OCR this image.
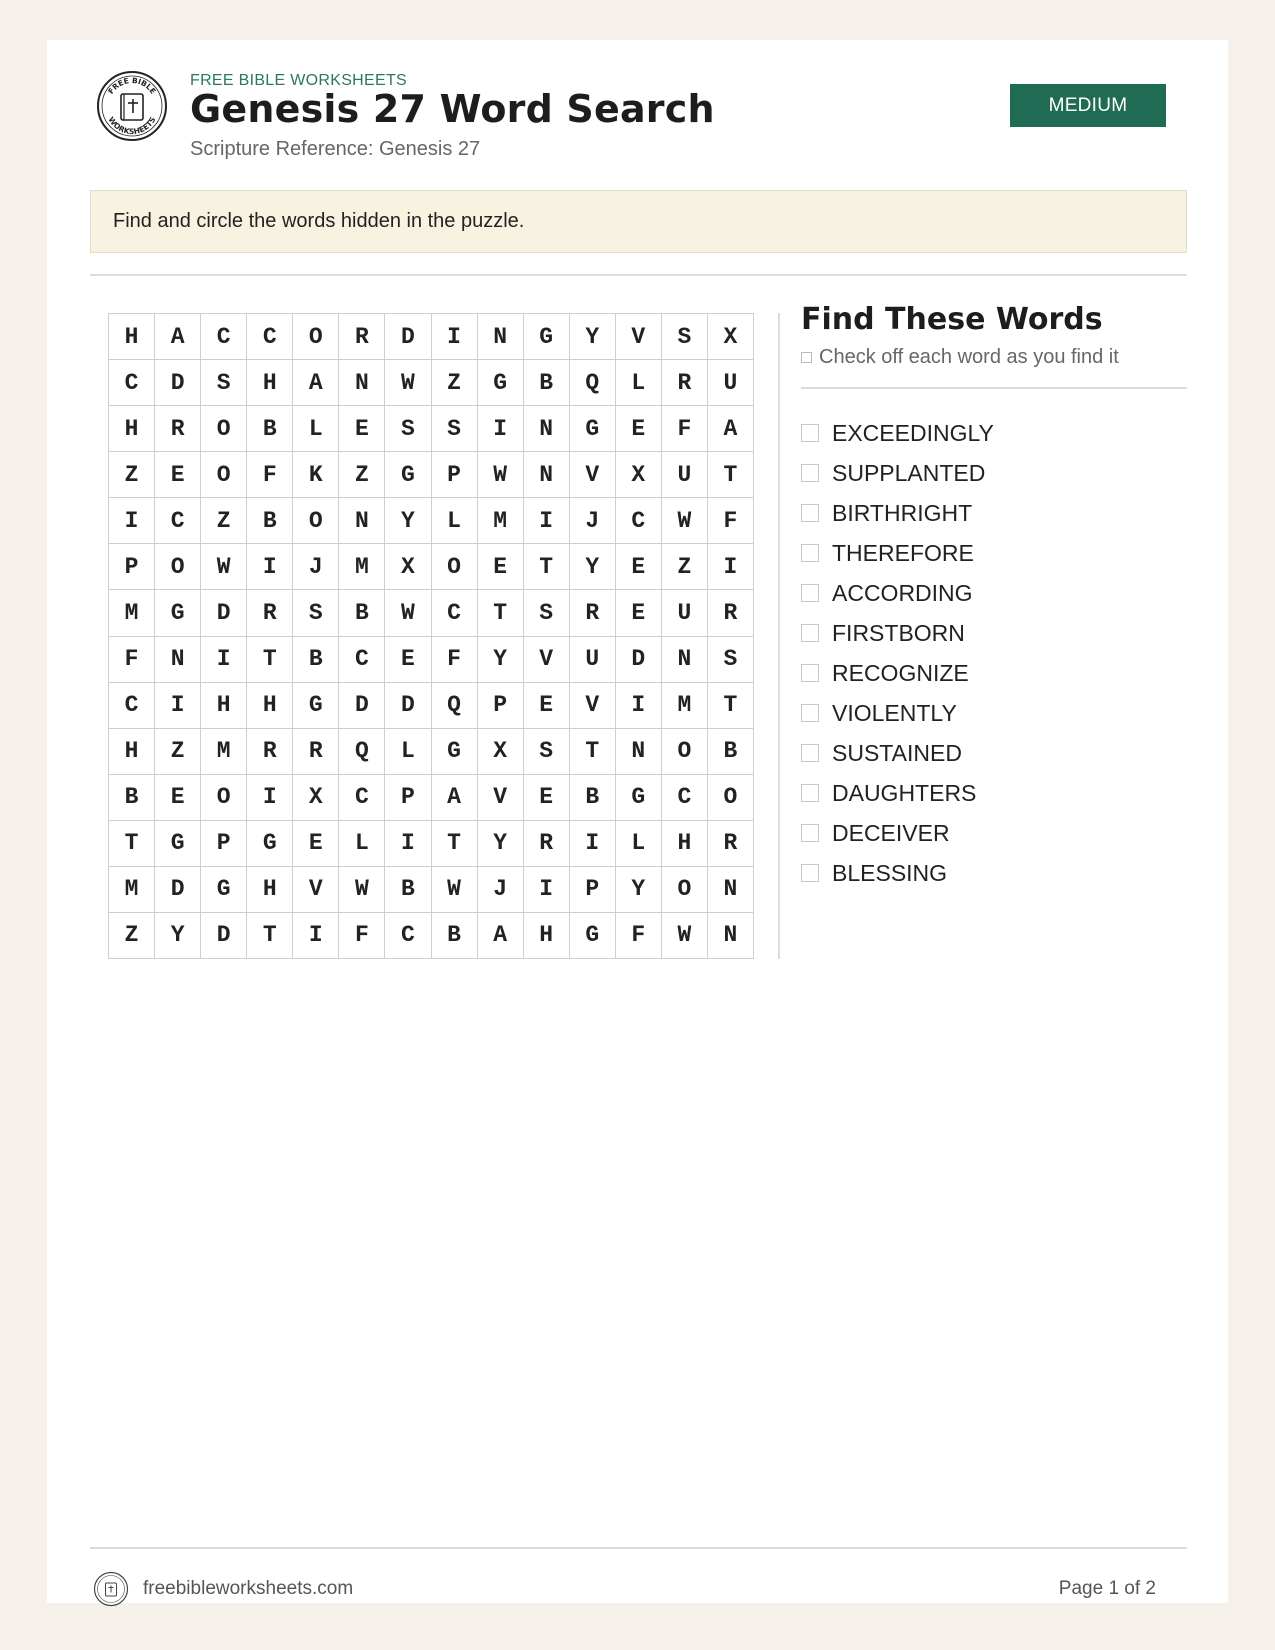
FREE BIBLE
WORKSHEETS
FREE BIBLE WORKSHEETS
Genesis 27 Word Search
Scripture Reference: Genesis 27
MEDIUM
Find and circle the words hidden in the puzzle.
H	A	C	C	O	R	D	I	N	G	Y	V	S	X
C	D	S	H	A	N	W	Z	G	B	Q	L	R	U
H	R	O	B	L	E	S	S	I	N	G	E	F	A
Z	E	O	F	K	Z	G	P	W	N	V	X	U	T
I	C	Z	B	O	N	Y	L	M	I	J	C	W	F
P	O	W	I	J	M	X	O	E	T	Y	E	Z	I
M	G	D	R	S	B	W	C	T	S	R	E	U	R
F	N	I	T	B	C	E	F	Y	V	U	D	N	S
C	I	H	H	G	D	D	Q	P	E	V	I	M	T
H	Z	M	R	R	Q	L	G	X	S	T	N	O	B
B	E	O	I	X	C	P	A	V	E	B	G	C	O
T	G	P	G	E	L	I	T	Y	R	I	L	H	R
M	D	G	H	V	W	B	W	J	I	P	Y	O	N
Z	Y	D	T	I	F	C	B	A	H	G	F	W	N
Find These Words
Check off each word as you find it
EXCEEDINGLY
SUPPLANTED
BIRTHRIGHT
THEREFORE
ACCORDING
FIRSTBORN
RECOGNIZE
VIOLENTLY
SUSTAINED
DAUGHTERS
DECEIVER
BLESSING
freebibleworksheets.com	Page 1 of 2
